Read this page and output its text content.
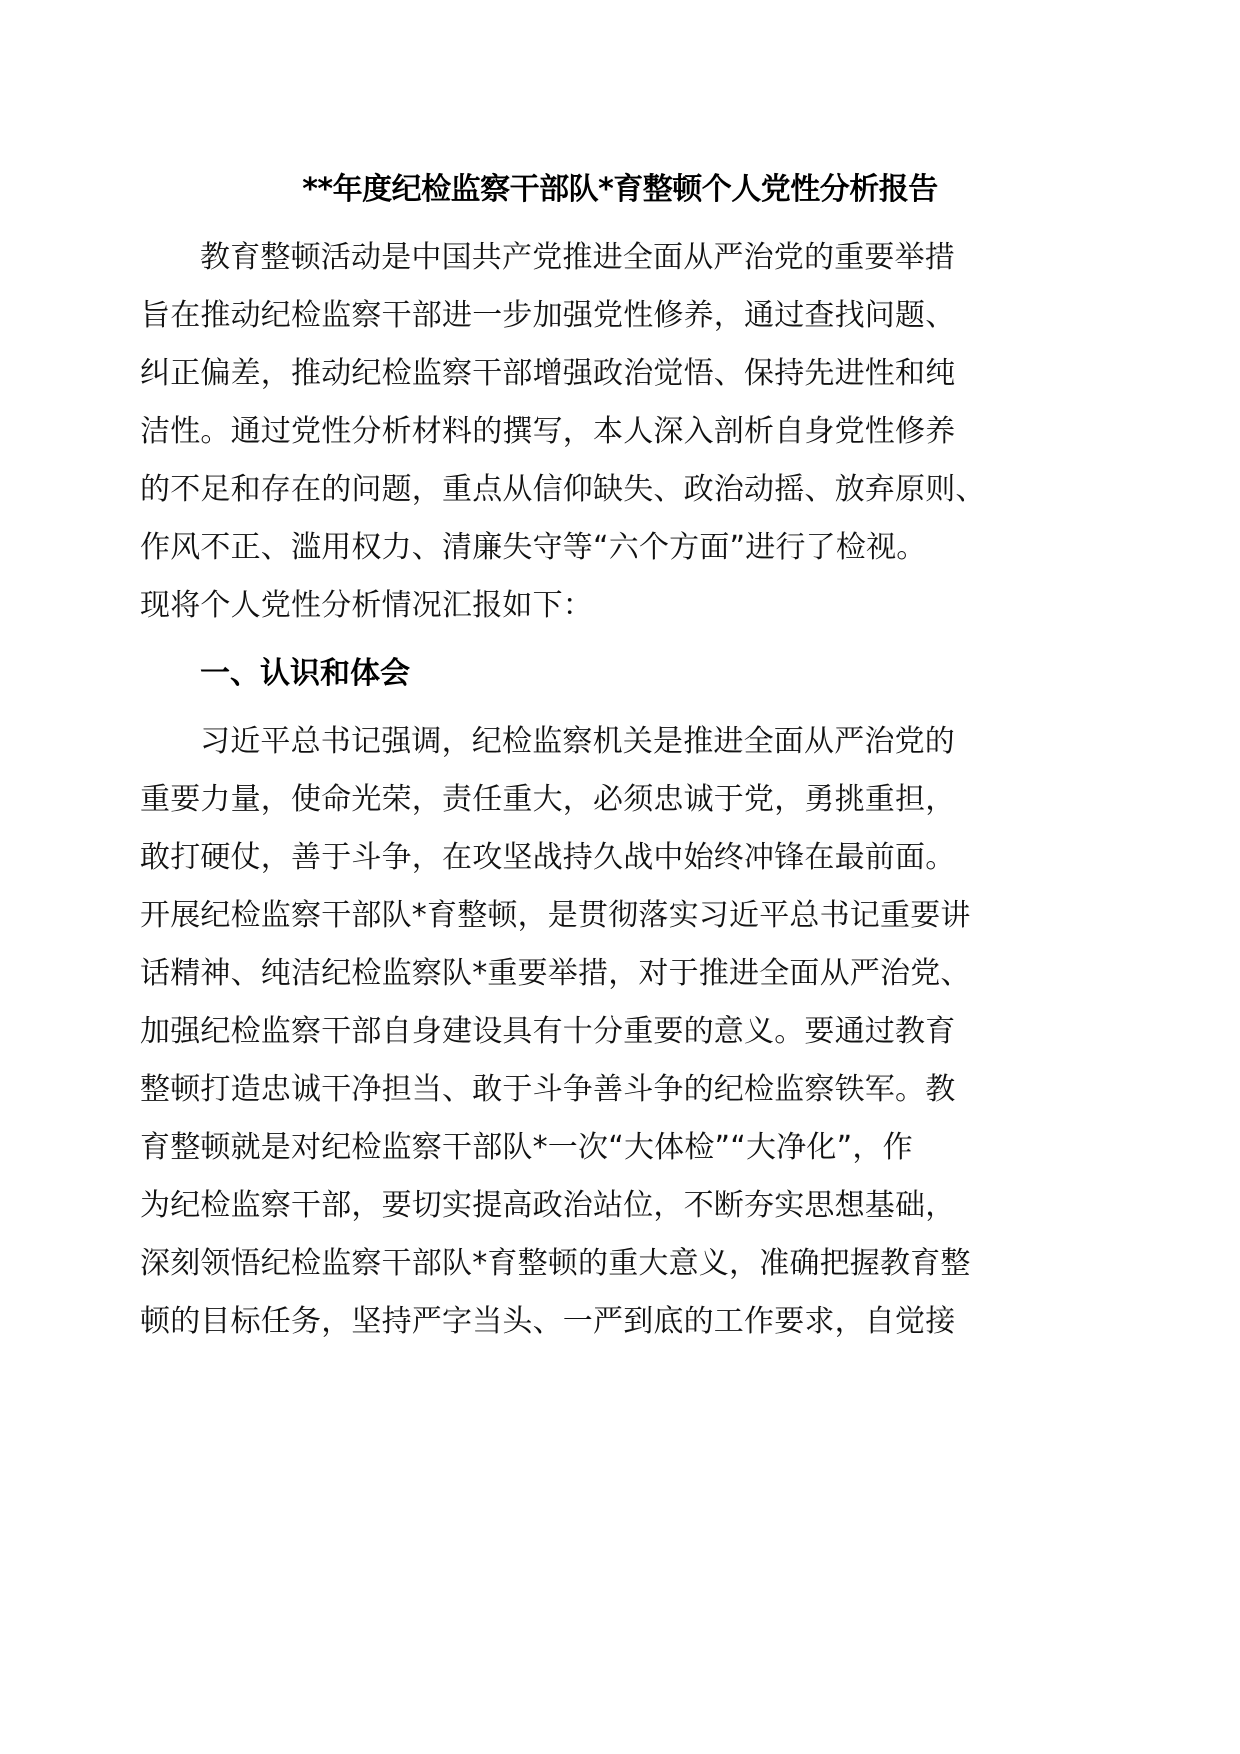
**年度纪检监察干部队*育整顿个人党性分析报告
教育整顿活动是中国共产党推进全面从严治党的重要举措
旨在推动纪检监察干部进一步加强党性修养，通过查找问题、
纠正偏差，推动纪检监察干部增强政治觉悟、保持先进性和纯
洁性。通过党性分析材料的撰写，本人深入剖析自身党性修养
的不足和存在的问题，重点从信仰缺失、政治动摇、放弃原则、
作风不正、滥用权力、清廉失守等“六个方面”进行了检视。
现将个人党性分析情况汇报如下：
一、认识和体会
习近平总书记强调，纪检监察机关是推进全面从严治党的
重要力量，使命光荣，责任重大，必须忠诚于党，勇挑重担，
敢打硬仗，善于斗争，在攻坚战持久战中始终冲锋在最前面。
开展纪检监察干部队*育整顿，是贯彻落实习近平总书记重要讲
话精神、纯洁纪检监察队*重要举措，对于推进全面从严治党、
加强纪检监察干部自身建设具有十分重要的意义。要通过教育
整顿打造忠诚干净担当、敢于斗争善斗争的纪检监察铁军。教
育整顿就是对纪检监察干部队*一次“大体检”“大净化”，作
为纪检监察干部，要切实提高政治站位，不断夯实思想基础，
深刻领悟纪检监察干部队*育整顿的重大意义，准确把握教育整
顿的目标任务，坚持严字当头、一严到底的工作要求，自觉接
